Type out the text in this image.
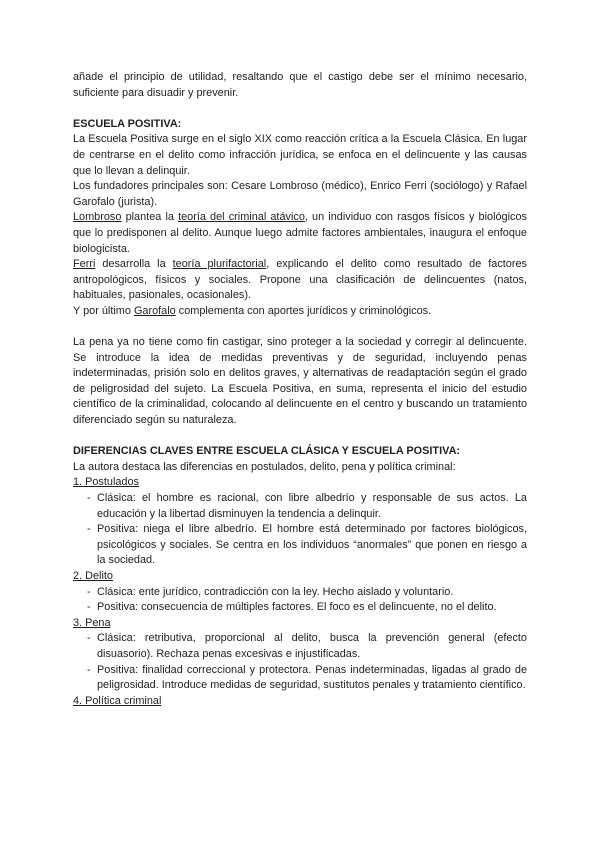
añade el principio de utilidad, resaltando que el castigo debe ser el mínimo necesario, suficiente para disuadir y prevenir.

ESCUELA POSITIVA:

La Escuela Positiva surge en el siglo XIX como reacción crítica a la Escuela Clásica. En lugar de centrarse en el delito como infracción jurídica, se enfoca en el delincuente y las causas que lo llevan a delinquir.

Los fundadores principales son: Cesare Lombroso (médico), Enrico Ferri (sociólogo) y Rafael Garofalo (jurista).

Lombroso plantea la teoría del criminal atávico, un individuo con rasgos físicos y biológicos que lo predisponen al delito. Aunque luego admite factores ambientales, inaugura el enfoque biologicista.

Ferri desarrolla la teoría plurifactorial, explicando el delito como resultado de factores antropológicos, físicos y sociales. Propone una clasificación de delincuentes (natos, habituales, pasionales, ocasionales).

Y por último Garofalo complementa con aportes jurídicos y criminológicos.

La pena ya no tiene como fin castigar, sino proteger a la sociedad y corregir al delincuente. Se introduce la idea de medidas preventivas y de seguridad, incluyendo penas indeterminadas, prisión solo en delitos graves, y alternativas de readaptación según el grado de peligrosidad del sujeto. La Escuela Positiva, en suma, representa el inicio del estudio científico de la criminalidad, colocando al delincuente en el centro y buscando un tratamiento diferenciado según su naturaleza.

DIFERENCIAS CLAVES ENTRE ESCUELA CLÁSICA Y ESCUELA POSITIVA:

La autora destaca las diferencias en postulados, delito, pena y política criminal:

1. Postulados

- Clásica: el hombre es racional, con libre albedrío y responsable de sus actos. La educación y la libertad disminuyen la tendencia a delinquir.
- Positiva: niega el libre albedrío. El hombre está determinado por factores biológicos, psicológicos y sociales. Se centra en los individuos “anormales” que ponen en riesgo a la sociedad.

2. Delito

- Clásica: ente jurídico, contradicción con la ley. Hecho aislado y voluntario.
- Positiva: consecuencia de múltiples factores. El foco es el delincuente, no el delito.

3. Pena

- Clásica: retributiva, proporcional al delito, busca la prevención general (efecto disuasorio). Rechaza penas excesivas e injustificadas.
- Positiva: finalidad correccional y protectora. Penas indeterminadas, ligadas al grado de peligrosidad. Introduce medidas de seguridad, sustitutos penales y tratamiento científico.

4. Política criminal
